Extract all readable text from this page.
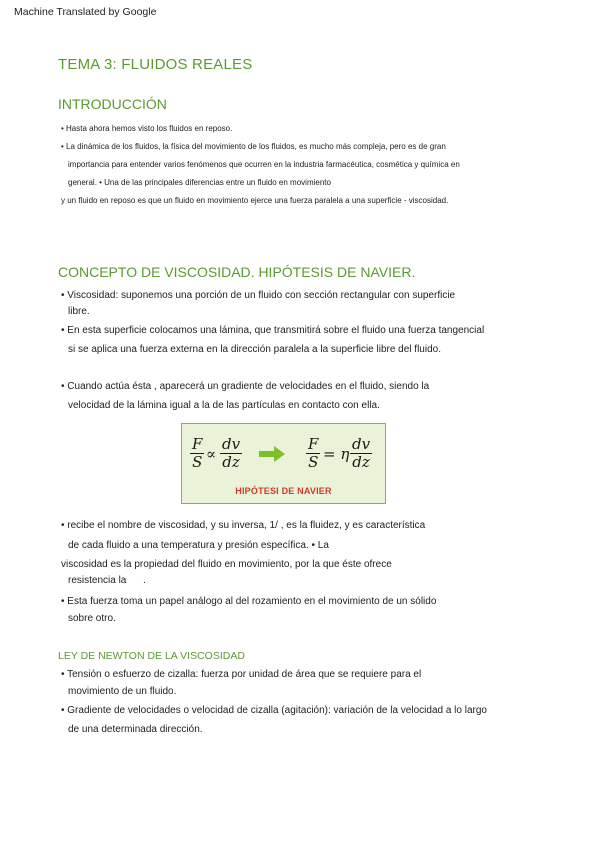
Machine Translated by Google
TEMA 3: FLUIDOS REALES
INTRODUCCIÓN
• Hasta ahora hemos visto los fluidos en reposo.
• La dinámica de los fluidos, la física del movimiento de los fluidos, es mucho más compleja, pero es de gran
importancia para entender varios fenómenos que ocurren en la industria farmacéutica, cosmética y química en
general. • Una de las principales diferencias entre un fluido en movimiento
y un fluido en reposo es que un fluido en movimiento ejerce una fuerza paralela a una superficie - viscosidad.
CONCEPTO DE VISCOSIDAD. HIPÓTESIS DE NAVIER.
• Viscosidad: suponemos una porción de un fluido con sección rectangular con superficie
libre.
• En esta superficie colocamos una lámina, que transmitirá sobre el fluido una fuerza tangencial
si se aplica una fuerza externa en la dirección paralela a la superficie libre del fluido.
• Cuando actúa ésta , aparecerá un gradiente de velocidades en el fluido, siendo la
velocidad de la lámina igual a la de las partículas en contacto con ella.
$\frac{F}{S} \propto \frac{dv}{dz}$	$\frac{F}{S} = \eta \frac{dv}{dz}$
HIPÓTESI DE NAVIER
• recibe el nombre de viscosidad, y su inversa, 1/ , es la fluidez, y es característica
de cada fluido a una temperatura y presión específica. • La
viscosidad es la propiedad del fluido en movimiento, por la que éste ofrece
resistencia la      .
• Esta fuerza toma un papel análogo al del rozamiento en el movimiento de un sólido
sobre otro.
LEY DE NEWTON DE LA VISCOSIDAD
• Tensión o esfuerzo de cizalla: fuerza por unidad de área que se requiere para el
movimiento de un fluido.
• Gradiente de velocidades o velocidad de cizalla (agitación): variación de la velocidad a lo largo
de una determinada dirección.
